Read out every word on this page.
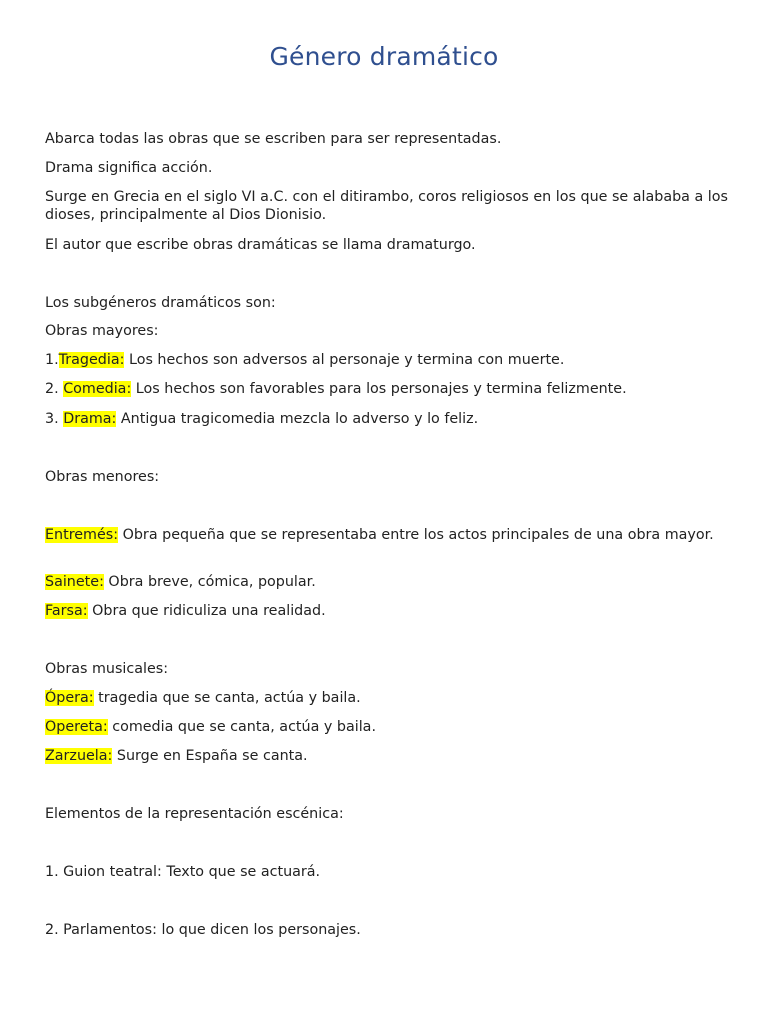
Género dramático
Abarca todas las obras que se escriben para ser representadas.
Drama significa acción.
Surge en Grecia en el siglo VI a.C. con el ditirambo, coros religiosos en los que se alababa a los dioses, principalmente al Dios Dionisio.
El autor que escribe obras dramáticas se llama dramaturgo.
Los subgéneros dramáticos son:
Obras mayores:
1.Tragedia: Los hechos son adversos al personaje y termina con muerte.
2. Comedia: Los hechos son favorables para los personajes y termina felizmente.
3. Drama: Antigua tragicomedia mezcla lo adverso y lo feliz.
Obras menores:
Entremés: Obra pequeña que se representaba entre los actos principales de una obra mayor.
Sainete: Obra breve, cómica, popular.
Farsa: Obra que ridiculiza una realidad.
Obras musicales:
Ópera: tragedia que se canta, actúa y baila.
Opereta: comedia que se canta, actúa y baila.
Zarzuela: Surge en España se canta.
Elementos de la representación escénica:
1. Guion teatral: Texto que se actuará.
2. Parlamentos: lo que dicen los personajes.
